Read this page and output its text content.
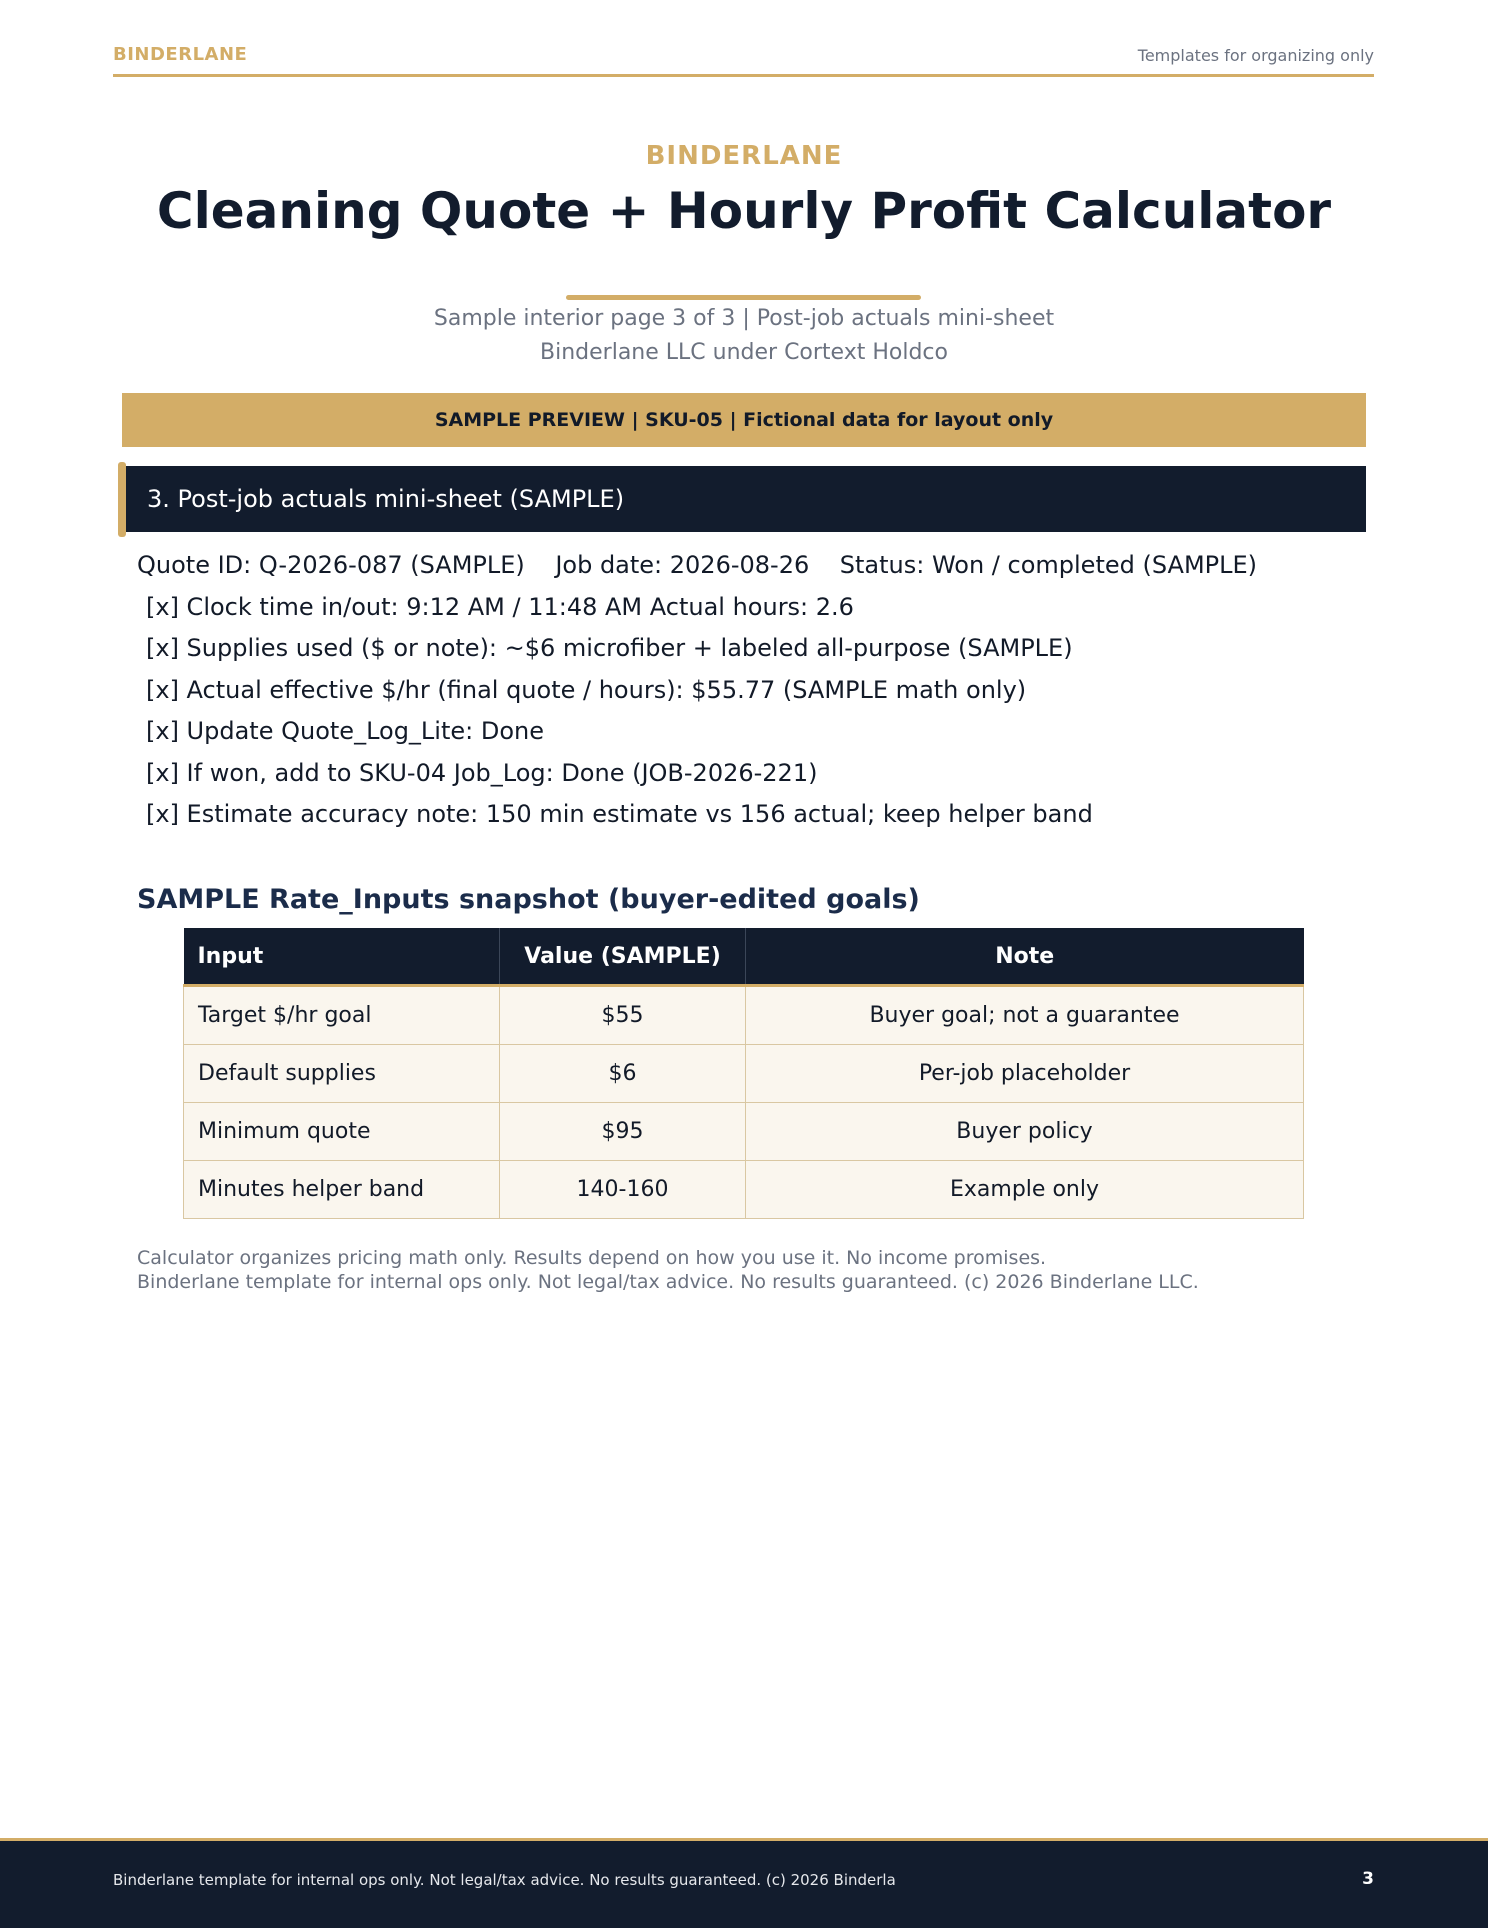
BINDERLANE	Templates for organizing only
BINDERLANE
Cleaning Quote + Hourly Profit Calculator
Sample interior page 3 of 3 | Post-job actuals mini-sheet
Binderlane LLC under Cortext Holdco
SAMPLE PREVIEW | SKU-05 | Fictional data for layout only
3. Post-job actuals mini-sheet (SAMPLE)
Quote ID: Q-2026-087 (SAMPLE)    Job date: 2026-08-26    Status: Won / completed (SAMPLE)
[x] Clock time in/out: 9:12 AM / 11:48 AM Actual hours: 2.6
[x] Supplies used ($ or note): ~$6 microfiber + labeled all-purpose (SAMPLE)
[x] Actual effective $/hr (final quote / hours): $55.77 (SAMPLE math only)
[x] Update Quote_Log_Lite: Done
[x] If won, add to SKU-04 Job_Log: Done (JOB-2026-221)
[x] Estimate accuracy note: 150 min estimate vs 156 actual; keep helper band
SAMPLE Rate_Inputs snapshot (buyer-edited goals)
Input	Value (SAMPLE)	Note
Target $/hr goal	$55	Buyer goal; not a guarantee
Default supplies	$6	Per-job placeholder
Minimum quote	$95	Buyer policy
Minutes helper band	140-160	Example only
Calculator organizes pricing math only. Results depend on how you use it. No income promises.
Binderlane template for internal ops only. Not legal/tax advice. No results guaranteed. (c) 2026 Binderlane LLC.
Binderlane template for internal ops only. Not legal/tax advice. No results guaranteed. (c) 2026 Binderla	3
